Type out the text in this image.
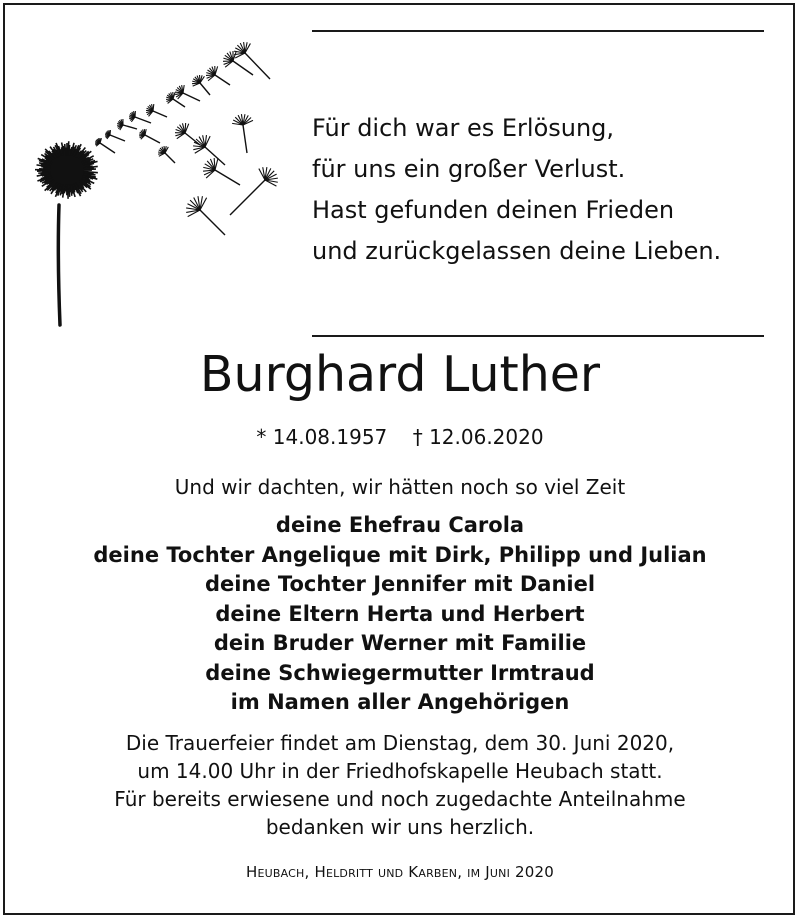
Für dich war es Erlösung,
für uns ein großer Verlust.
Hast gefunden deinen Frieden
und zurückgelassen deine Lieben.
Burghard Luther
* 14.08.1957    † 12.06.2020
Und wir dachten, wir hätten noch so viel Zeit
deine Ehefrau Carola
deine Tochter Angelique mit Dirk, Philipp und Julian
deine Tochter Jennifer mit Daniel
deine Eltern Herta und Herbert
dein Bruder Werner mit Familie
deine Schwiegermutter Irmtraud
im Namen aller Angehörigen
Die Trauerfeier findet am Dienstag, dem 30. Juni 2020,
um 14.00 Uhr in der Friedhofskapelle Heubach statt.
Für bereits erwiesene und noch zugedachte Anteilnahme
bedanken wir uns herzlich.
Heubach, Heldritt und Karben, im Juni 2020
